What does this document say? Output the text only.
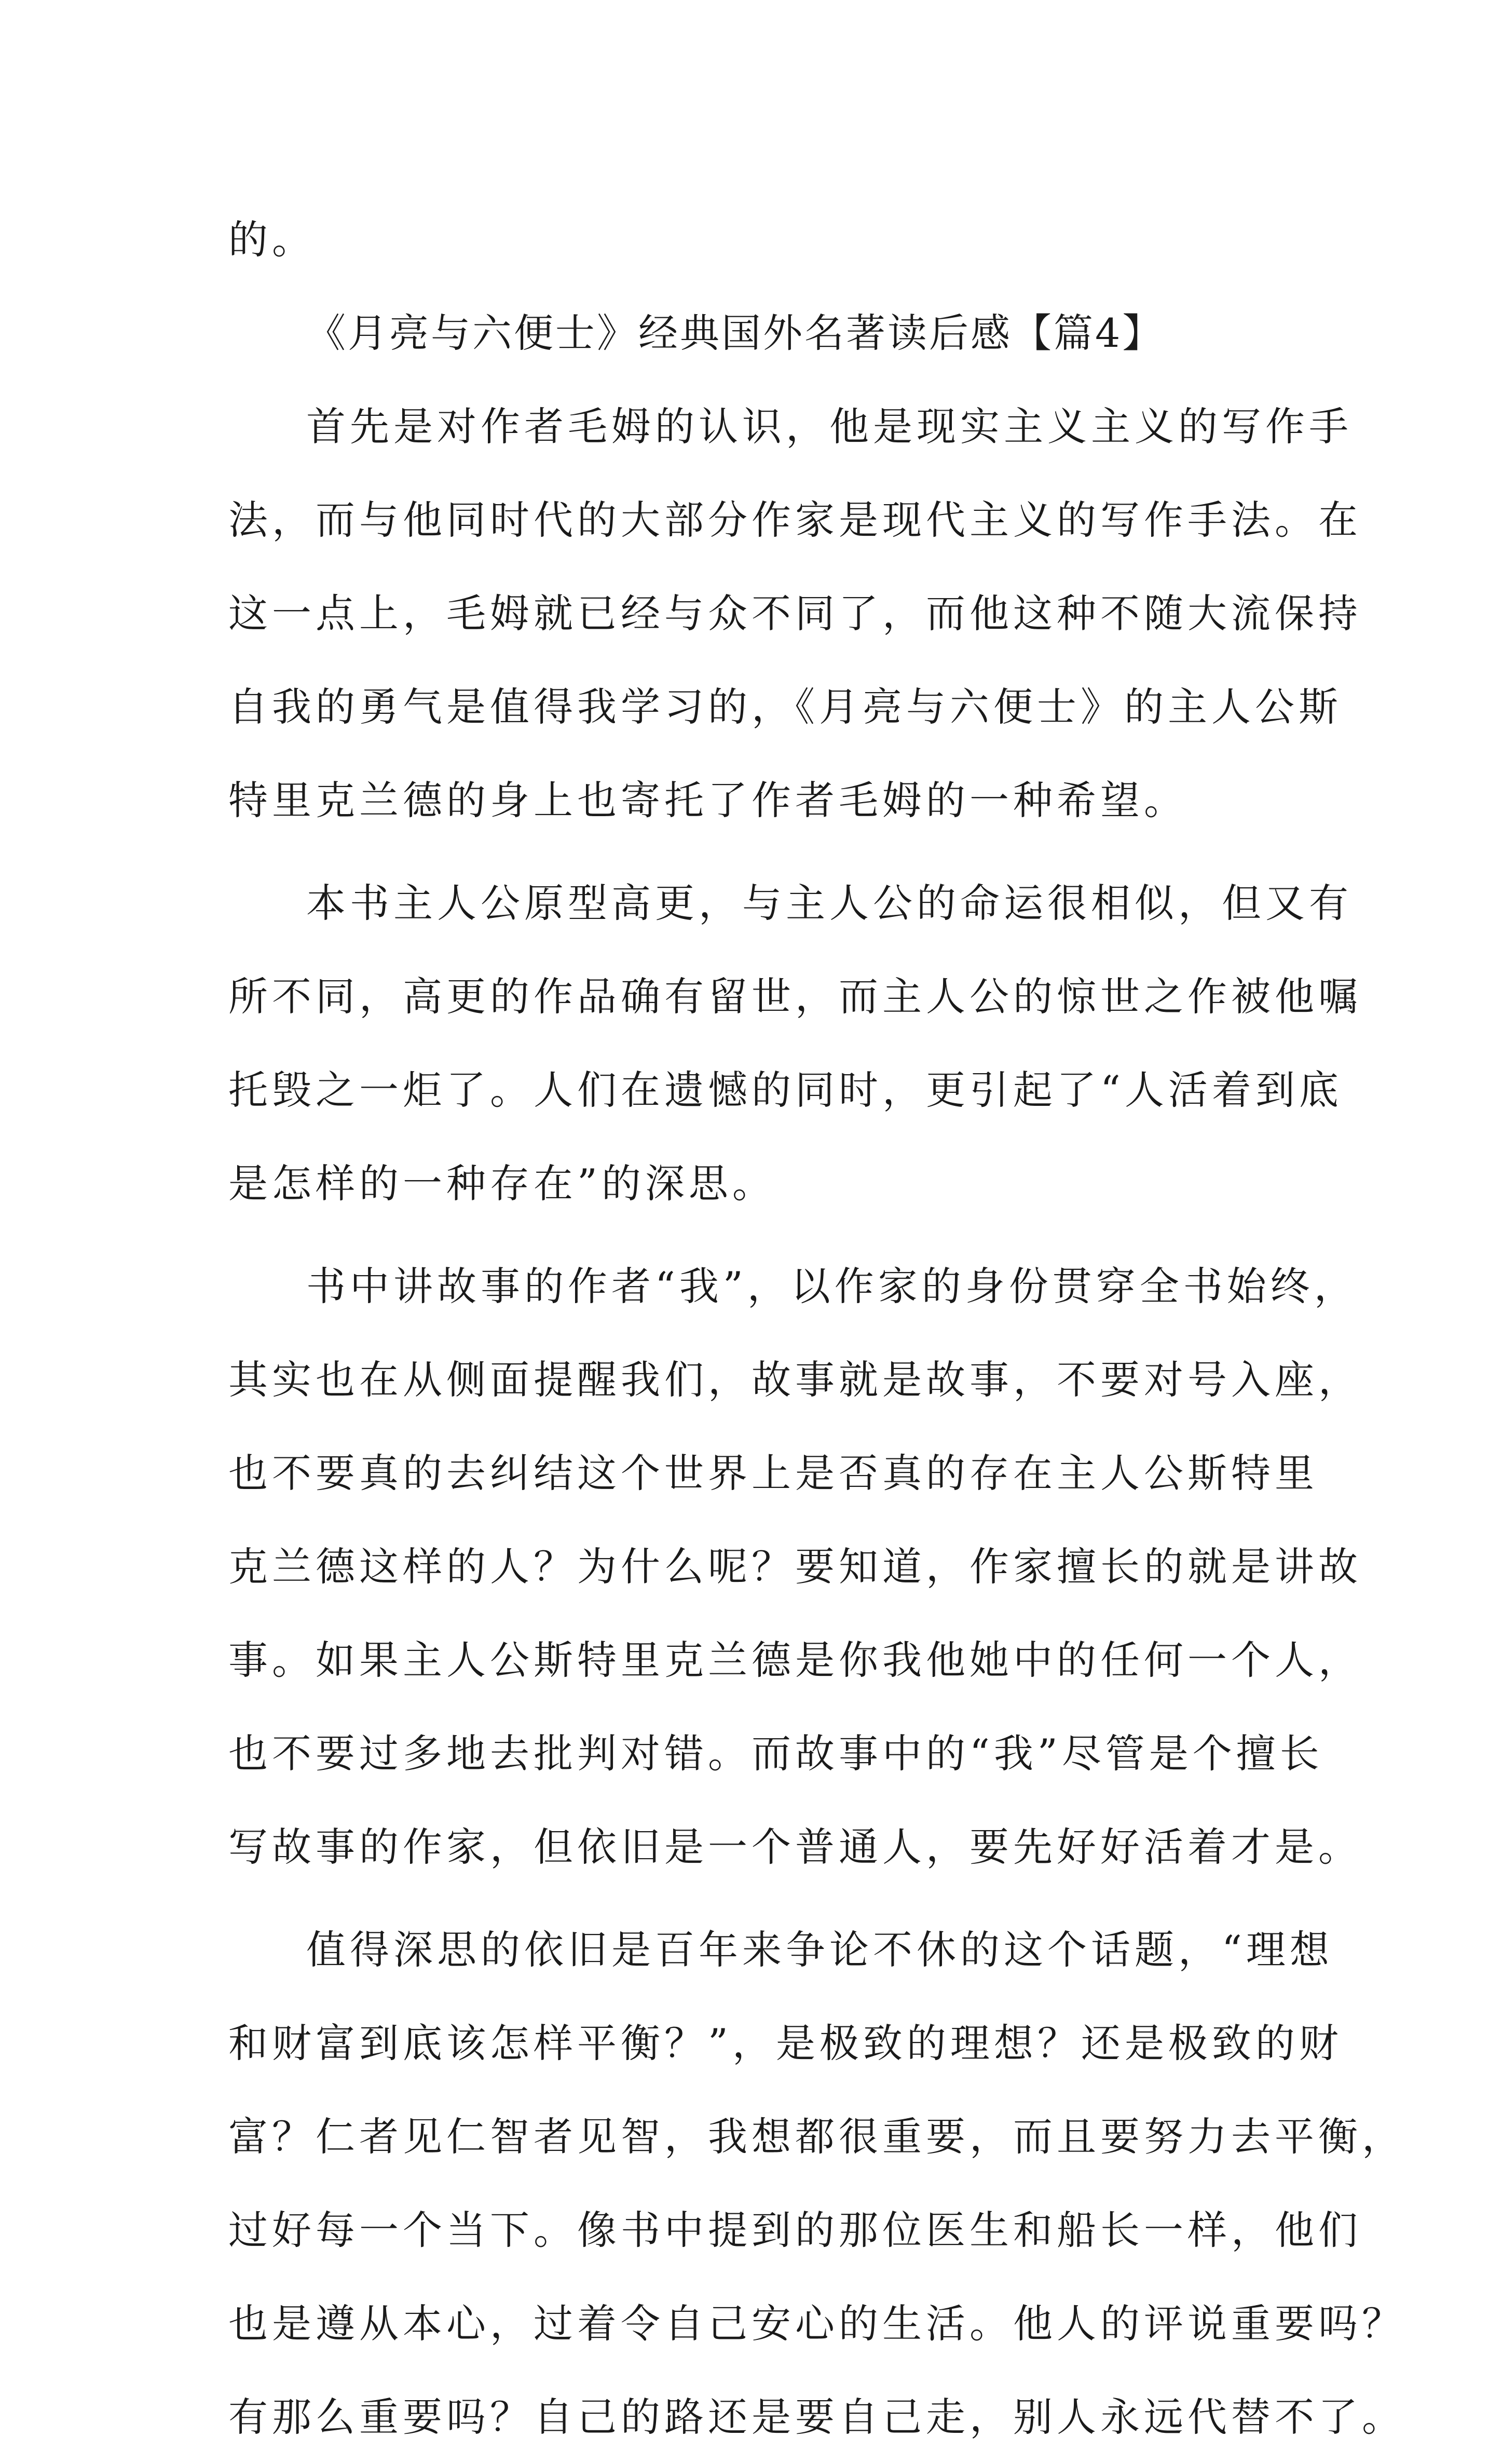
的。
《月亮与六便士》经典国外名著读后感【篇4】
首先是对作者毛姆的认识，他是现实主义主义的写作手
法，而与他同时代的大部分作家是现代主义的写作手法。在
这一点上，毛姆就已经与众不同了，而他这种不随大流保持
自我的勇气是值得我学习的，《月亮与六便士》的主人公斯
特里克兰德的身上也寄托了作者毛姆的一种希望。
本书主人公原型高更，与主人公的命运很相似，但又有
所不同，高更的作品确有留世，而主人公的惊世之作被他嘱
托毁之一炬了。人们在遗憾的同时，更引起了“人活着到底
是怎样的一种存在”的深思。
书中讲故事的作者“我”，以作家的身份贯穿全书始终，
其实也在从侧面提醒我们，故事就是故事，不要对号入座，
也不要真的去纠结这个世界上是否真的存在主人公斯特里
克兰德这样的人？为什么呢？要知道，作家擅长的就是讲故
事。如果主人公斯特里克兰德是你我他她中的任何一个人，
也不要过多地去批判对错。而故事中的“我”尽管是个擅长
写故事的作家，但依旧是一个普通人，要先好好活着才是。
值得深思的依旧是百年来争论不休的这个话题，“理想
和财富到底该怎样平衡？”，是极致的理想？还是极致的财
富？仁者见仁智者见智，我想都很重要，而且要努力去平衡，
过好每一个当下。像书中提到的那位医生和船长一样，他们
也是遵从本心，过着令自己安心的生活。他人的评说重要吗？
有那么重要吗？自己的路还是要自己走，别人永远代替不了。
